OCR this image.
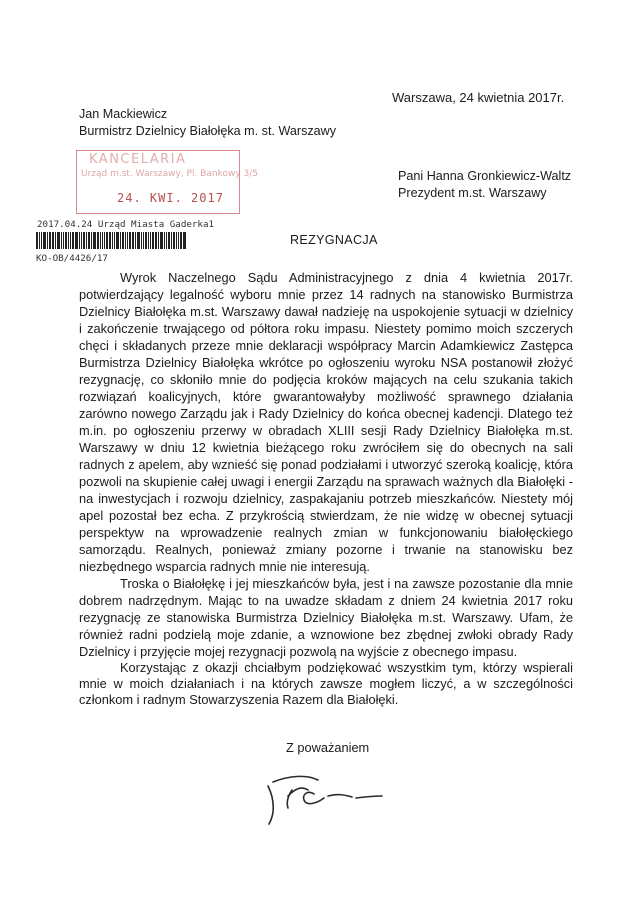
Warszawa, 24 kwietnia 2017r.
Jan Mackiewicz
Burmistrz Dzielnicy Białołęka m. st. Warszawy
KANCELARIA
Urząd m.st. Warszawy, Pl. Bankowy 3/5
24. KWI. 2017
Pani Hanna Gronkiewicz-Waltz
Prezydent m.st. Warszawy
2017.04.24 Urząd Miasta Gaderka1
KO-OB/4426/17
REZYGNACJA

Wyrok Naczelnego Sądu Administracyjnego z dnia 4 kwietnia 2017r. potwierdzający legalność wyboru mnie przez 14 radnych na stanowisko Burmistrza Dzielnicy Białołęka m.st. Warszawy dawał nadzieję na uspokojenie sytuacji w dzielnicy i zakończenie trwającego od półtora roku impasu. Niestety pomimo moich szczerych chęci i składanych przeze mnie deklaracji współpracy Marcin Adamkiewicz Zastępca Burmistrza Dzielnicy Białołęka wkrótce po ogłoszeniu wyroku NSA postanowił złożyć rezygnację, co skłoniło mnie do podjęcia kroków mających na celu szukania takich rozwiązań koalicyjnych, które gwarantowałyby możliwość sprawnego działania zarówno nowego Zarządu jak i Rady Dzielnicy do końca obecnej kadencji. Dlatego też m.in. po ogłoszeniu przerwy w obradach XLIII sesji Rady Dzielnicy Białołęka m.st. Warszawy w dniu 12 kwietnia bieżącego roku zwróciłem się do obecnych na sali radnych z apelem, aby wznieść się ponad podziałami i utworzyć szeroką koalicję, która pozwoli na skupienie całej uwagi i energii Zarządu na sprawach ważnych dla Białołęki - na inwestycjach i rozwoju dzielnicy, zaspakajaniu potrzeb mieszkańców. Niestety mój apel pozostał bez echa. Z przykrością stwierdzam, że nie widzę w obecnej sytuacji perspektyw na wprowadzenie realnych zmian w funkcjonowaniu białołęckiego samorządu. Realnych, ponieważ zmiany pozorne i trwanie na stanowisku bez niezbędnego wsparcia radnych mnie nie interesują.

Troska o Białołękę i jej mieszkańców była, jest i na zawsze pozostanie dla mnie dobrem nadrzędnym. Mając to na uwadze składam z dniem 24 kwietnia 2017 roku rezygnację ze stanowiska Burmistrza Dzielnicy Białołęka m.st. Warszawy. Ufam, że również radni podzielą moje zdanie, a wznowione bez zbędnej zwłoki obrady Rady Dzielnicy i przyjęcie mojej rezygnacji pozwolą na wyjście z obecnego impasu.

Korzystając z okazji chciałbym podziękować wszystkim tym, którzy wspierali mnie w moich działaniach i na których zawsze mogłem liczyć, a w szczególności członkom i radnym Stowarzyszenia Razem dla Białołęki.

Z poważaniem
